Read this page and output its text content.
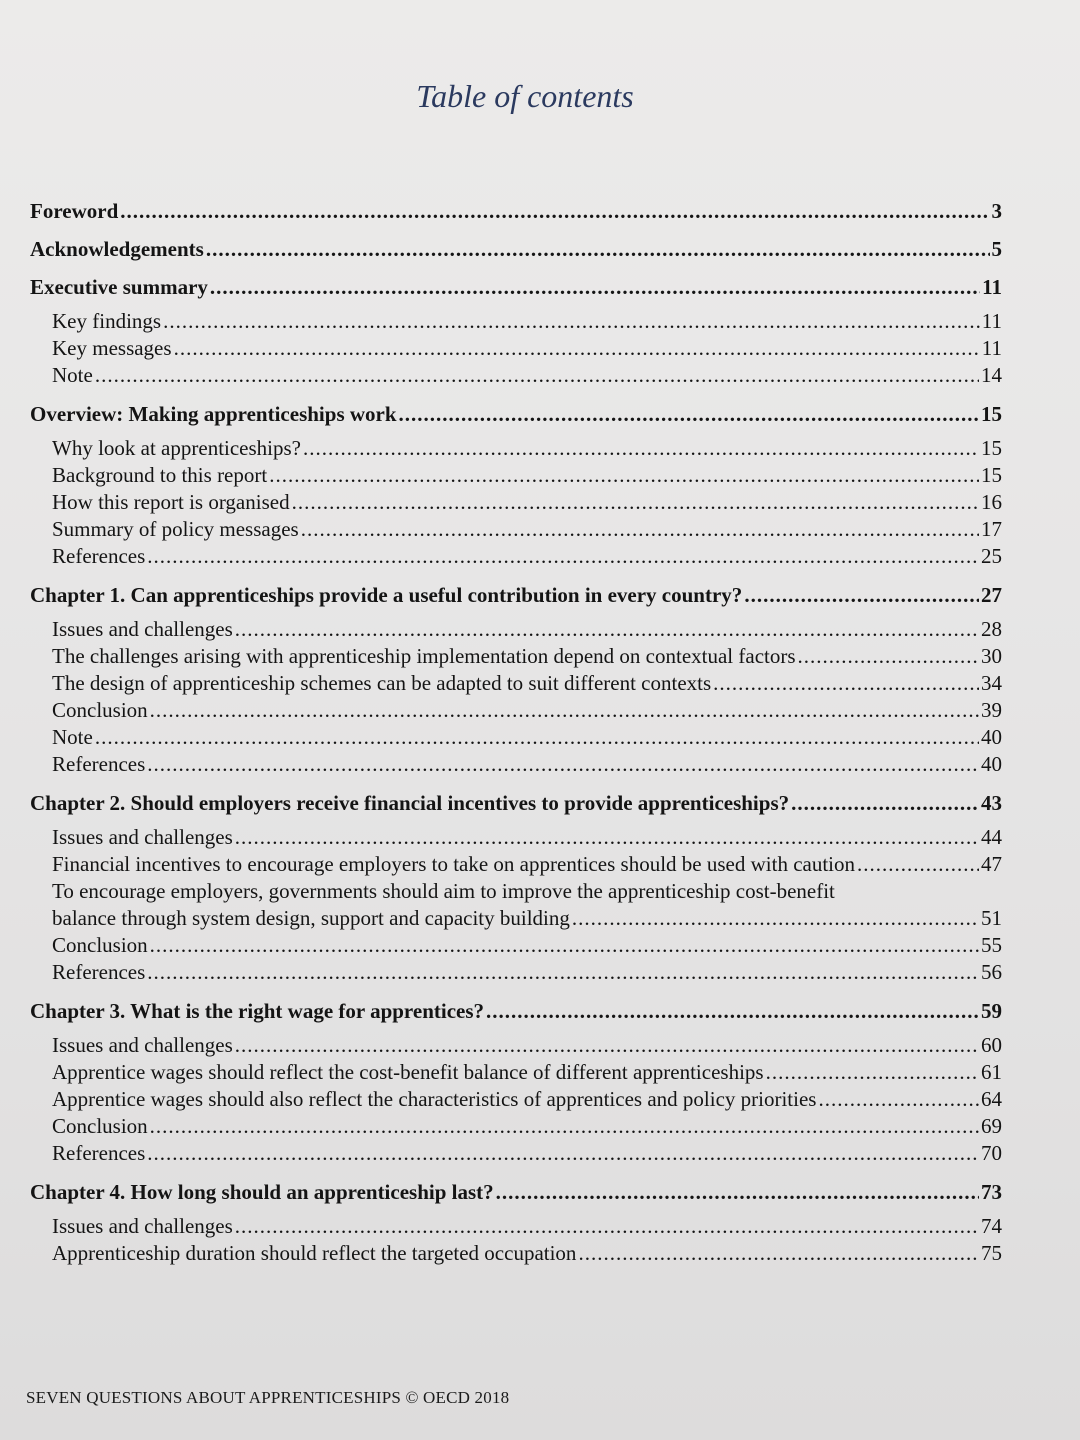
Table of contents
Foreword .....	3
Acknowledgements .....	5
Executive summary .....	11
Key findings .....	11
Key messages .....	11
Note .....	14
Overview: Making apprenticeships work .....	15
Why look at apprenticeships? .....	15
Background to this report .....	15
How this report is organised .....	16
Summary of policy messages .....	17
References .....	25
Chapter 1. Can apprenticeships provide a useful contribution in every country? .....	27
Issues and challenges .....	28
The challenges arising with apprenticeship implementation depend on contextual factors .....	30
The design of apprenticeship schemes can be adapted to suit different contexts .....	34
Conclusion .....	39
Note .....	40
References .....	40
Chapter 2. Should employers receive financial incentives to provide apprenticeships? .....	43
Issues and challenges .....	44
Financial incentives to encourage employers to take on apprentices should be used with caution .....	47
To encourage employers, governments should aim to improve the apprenticeship cost-benefit
balance through system design, support and capacity building .....	51
Conclusion .....	55
References .....	56
Chapter 3. What is the right wage for apprentices? .....	59
Issues and challenges .....	60
Apprentice wages should reflect the cost-benefit balance of different apprenticeships .....	61
Apprentice wages should also reflect the characteristics of apprentices and policy priorities .....	64
Conclusion .....	69
References .....	70
Chapter 4. How long should an apprenticeship last? .....	73
Issues and challenges .....	74
Apprenticeship duration should reflect the targeted occupation .....	75
SEVEN QUESTIONS ABOUT APPRENTICESHIPS © OECD 2018
